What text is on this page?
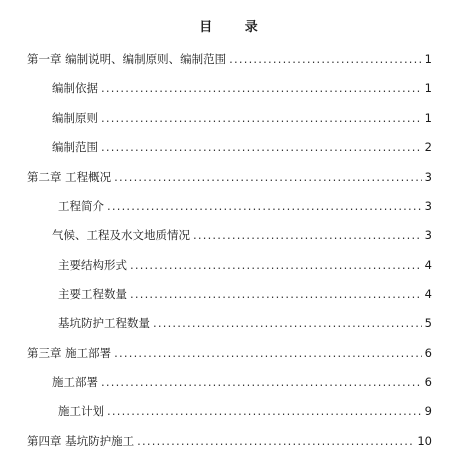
目 录
第一章 编制说明、编制原则、编制范围 .....	1
编制依据 .....	1
编制原则 .....	1
编制范围 .....	2
第二章 工程概况 .....	3
工程简介 .....	3
气候、工程及水文地质情况 .....	3
主要结构形式 .....	4
主要工程数量 .....	4
基坑防护工程数量 .....	5
第三章 施工部署 .....	6
施工部署 .....	6
施工计划 .....	9
第四章 基坑防护施工 .....	10
